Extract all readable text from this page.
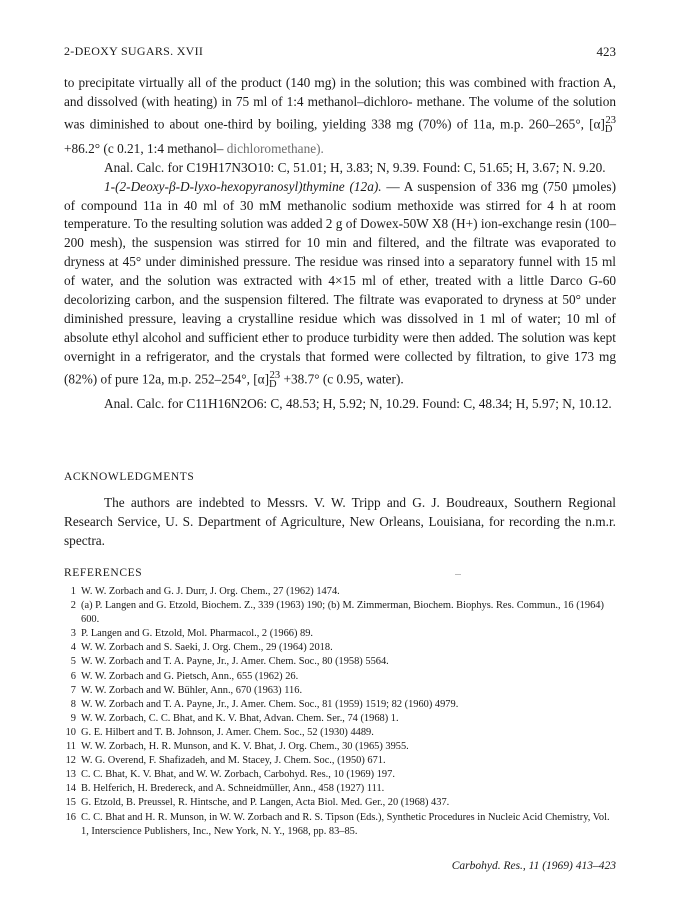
2-DEOXY SUGARS. XVII	423

to precipitate virtually all of the product (140 mg) in the solution; this was combined with fraction A, and dissolved (with heating) in 75 ml of 1:4 methanol–dichloro- methane. The volume of the solution was diminished to about one-third by boiling, yielding 338 mg (70%) of 11a, m.p. 260–265°, $[\alpha]_D^{23} +86.2^\circ$ (c 0.21, 1:4 methanol– dichloromethane).

Anal. Calc. for C19H17N3O10: C, 51.01; H, 3.83; N, 9.39. Found: C, 51.65; H, 3.67; N. 9.20.

1-(2-Deoxy-β-D-lyxo-hexopyranosyl)thymine (12a). — A suspension of 336 mg (750 µmoles) of compound 11a in 40 ml of 30 mM methanolic sodium methoxide was stirred for 4 h at room temperature. To the resulting solution was added 2 g of Dowex-50W X8 (H+) ion-exchange resin (100–200 mesh), the suspension was stirred for 10 min and filtered, and the filtrate was evaporated to dryness at 45° under diminished pressure. The residue was rinsed into a separatory funnel with 15 ml of water, and the solution was extracted with 4×15 ml of ether, treated with a little Darco G-60 decolorizing carbon, and the suspension filtered. The filtrate was evaporated to dryness at 50° under diminished pressure, leaving a crystalline residue which was dissolved in 1 ml of water; 10 ml of absolute ethyl alcohol and sufficient ether to produce turbidity were then added. The solution was kept overnight in a refrigerator, and the crystals that formed were collected by filtration, to give 173 mg (82%) of pure 12a, m.p. 252–254°, $[\alpha]_D^{23} +38.7^\circ$ (c 0.95, water).

Anal. Calc. for C11H16N2O6: C, 48.53; H, 5.92; N, 10.29. Found: C, 48.34; H, 5.97; N, 10.12.

ACKNOWLEDGMENTS

The authors are indebted to Messrs. V. W. Tripp and G. J. Boudreaux, Southern Regional Research Service, U. S. Department of Agriculture, New Orleans, Louisiana, for recording the n.m.r. spectra.

REFERENCES
1 W. W. Zorbach and G. J. Durr, J. Org. Chem., 27 (1962) 1474.
2 (a) P. Langen and G. Etzold, Biochem. Z., 339 (1963) 190; (b) M. Zimmerman, Biochem. Biophys. Res. Commun., 16 (1964) 600.
3 P. Langen and G. Etzold, Mol. Pharmacol., 2 (1966) 89.
4 W. W. Zorbach and S. Saeki, J. Org. Chem., 29 (1964) 2018.
5 W. W. Zorbach and T. A. Payne, Jr., J. Amer. Chem. Soc., 80 (1958) 5564.
6 W. W. Zorbach and G. Pietsch, Ann., 655 (1962) 26.
7 W. W. Zorbach and W. Bühler, Ann., 670 (1963) 116.
8 W. W. Zorbach and T. A. Payne, Jr., J. Amer. Chem. Soc., 81 (1959) 1519; 82 (1960) 4979.
9 W. W. Zorbach, C. C. Bhat, and K. V. Bhat, Advan. Chem. Ser., 74 (1968) 1.
10 G. E. Hilbert and T. B. Johnson, J. Amer. Chem. Soc., 52 (1930) 4489.
11 W. W. Zorbach, H. R. Munson, and K. V. Bhat, J. Org. Chem., 30 (1965) 3955.
12 W. G. Overend, F. Shafizadeh, and M. Stacey, J. Chem. Soc., (1950) 671.
13 C. C. Bhat, K. V. Bhat, and W. W. Zorbach, Carbohyd. Res., 10 (1969) 197.
14 B. Helferich, H. Bredereck, and A. Schneidmüller, Ann., 458 (1927) 111.
15 G. Etzold, B. Preussel, R. Hintsche, and P. Langen, Acta Biol. Med. Ger., 20 (1968) 437.
16 C. C. Bhat and H. R. Munson, in W. W. Zorbach and R. S. Tipson (Eds.), Synthetic Procedures in Nucleic Acid Chemistry, Vol. 1, Interscience Publishers, Inc., New York, N. Y., 1968, pp. 83–85.
Carbohyd. Res., 11 (1969) 413–423
